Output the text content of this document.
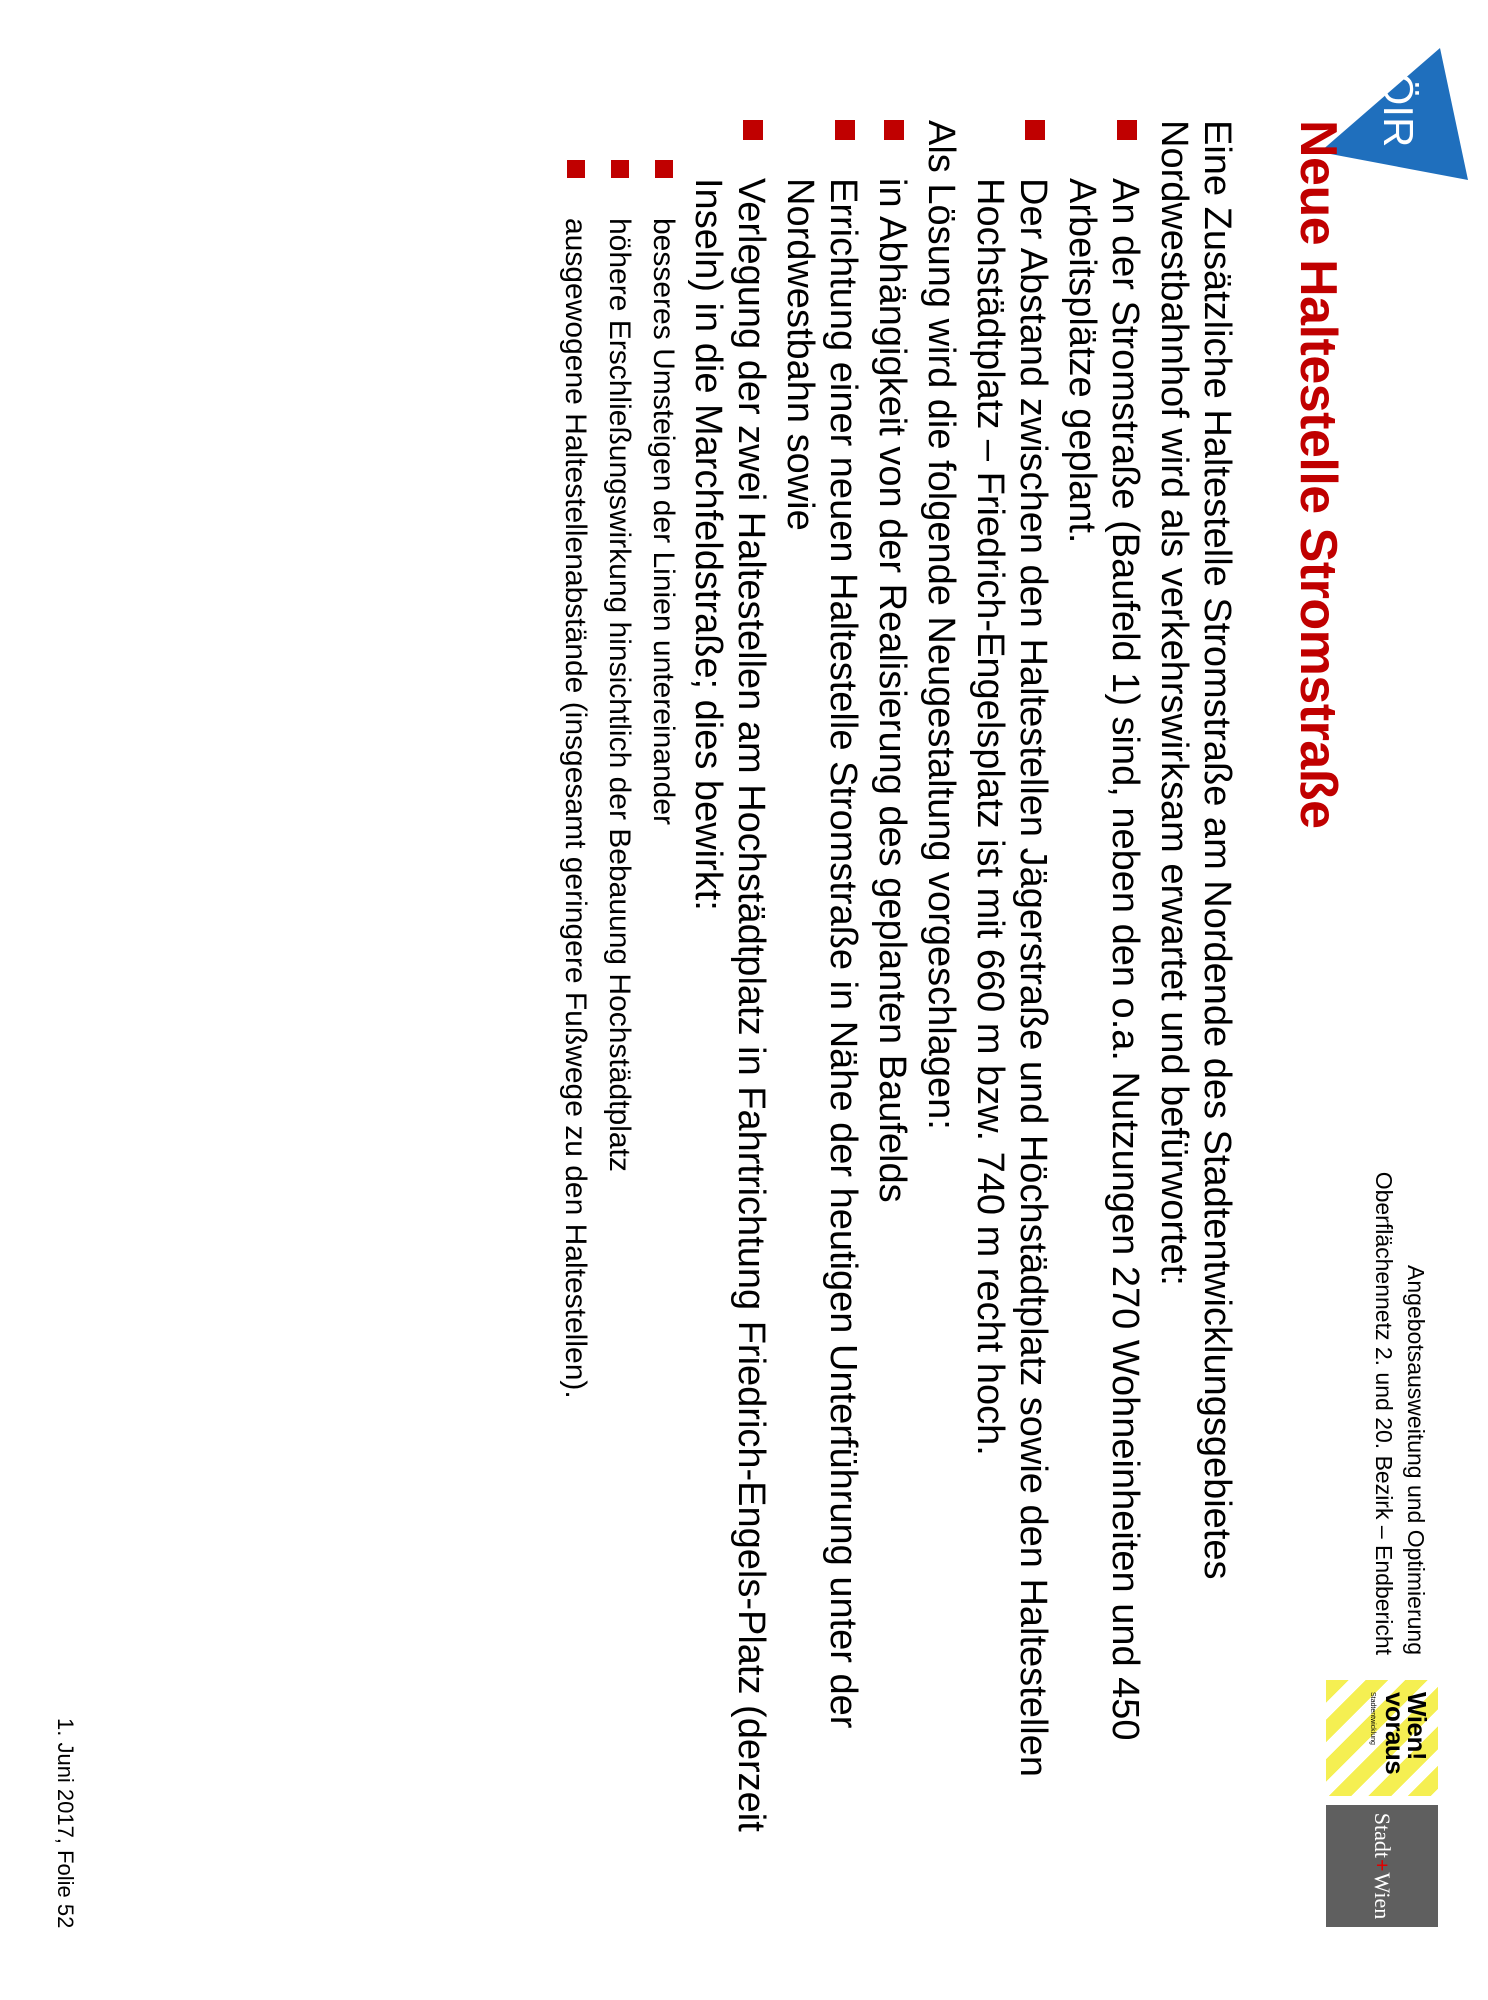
ÖIR
Neue Haltestelle Stromstraße
Angebotsausweitung und Optimierung
Oberflächennetz 2. und 20. Bezirk – Endbericht
Wien!
voraus
Stadtentwicklung
Stadt
+
Wien

Eine Zusätzliche Haltestelle Stromstraße am Nordende des Stadtentwicklungsgebietes Nordwestbahnhof wird als verkehrswirksam erwartet und befürwortet:

An der Stromstraße (Baufeld 1) sind, neben den o.a. Nutzungen 270 Wohneinheiten und 450 Arbeitsplätze geplant.
Der Abstand zwischen den Haltestellen Jägerstraße und Höchstädtplatz sowie den Haltestellen Hochstädtplatz – Friedrich-Engelsplatz ist mit 660 m bzw. 740 m recht hoch.

Als Lösung wird die folgende Neugestaltung vorgeschlagen:

in Abhängigkeit von der Realisierung des geplanten Baufelds
Errichtung einer neuen Haltestelle Stromstraße in Nähe der heutigen Unterführung unter der Nordwestbahn sowie
Verlegung der zwei Haltestellen am Hochstädtplatz in Fahrtrichtung Friedrich-Engels-Platz (derzeit Inseln) in die Marchfeldstraße; dies bewirkt:
besseres Umsteigen der Linien untereinander
höhere Erschließungswirkung hinsichtlich der Bebauung Hochstädtplatz
ausgewogene Haltestellenabstände (insgesamt geringere Fußwege zu den Haltestellen).
1. Juni 2017, Folie 52
